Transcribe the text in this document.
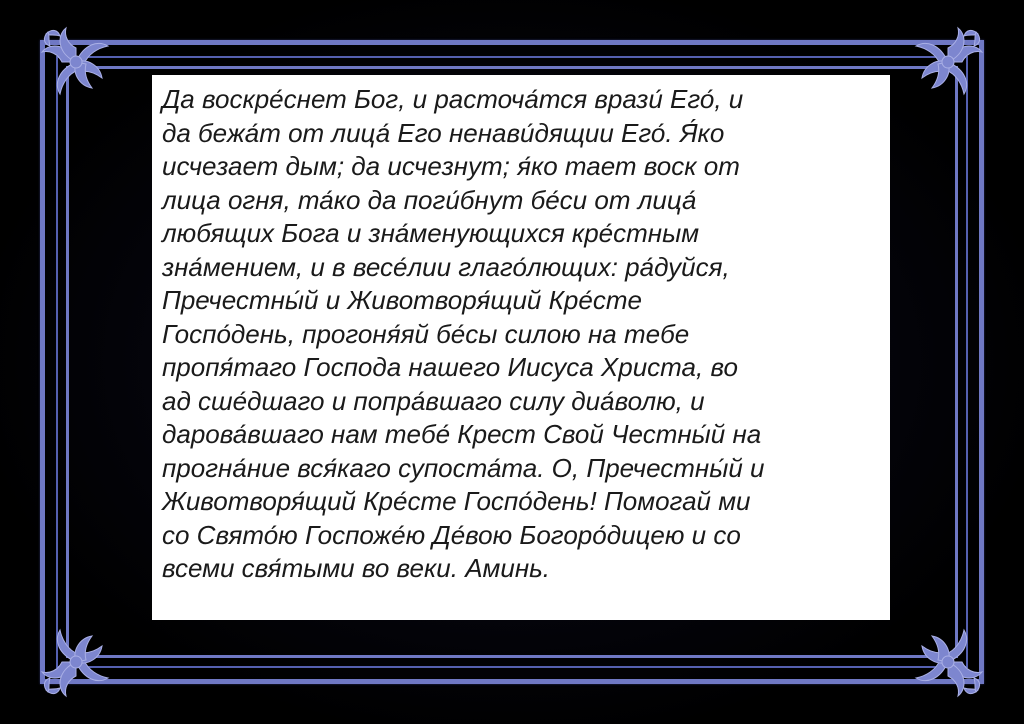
Да воскре́снет Бог, и расточа́тся врази́ Его́, и
да бежа́т от лица́ Его ненави́дящии Его́. Я́ко
исчезает дым; да исчезнут; я́ко тает воск от
лица огня, та́ко да поги́бнут бе́си от лица́
любящих Бога и зна́менующихся кре́стным
зна́мением, и в весе́лии глаго́лющих: ра́дуйся,
Пречестны́й и Животворя́щий Кре́сте
Госпо́день, прогоня́яй бе́сы силою на тебе
пропя́таго Господа нашего Иисуса Христа, во
ад сше́дшаго и попра́вшаго силу диа́волю, и
дарова́вшаго нам тебе́ Крест Свой Честны́й на
прогна́ние вся́каго супоста́та. О, Пречестны́й и
Животворя́щий Кре́сте Госпо́день! Помогай ми
со Свято́ю Госпоже́ю Де́вою Богоро́дицею и со
всеми свя́тыми во веки. Аминь.
